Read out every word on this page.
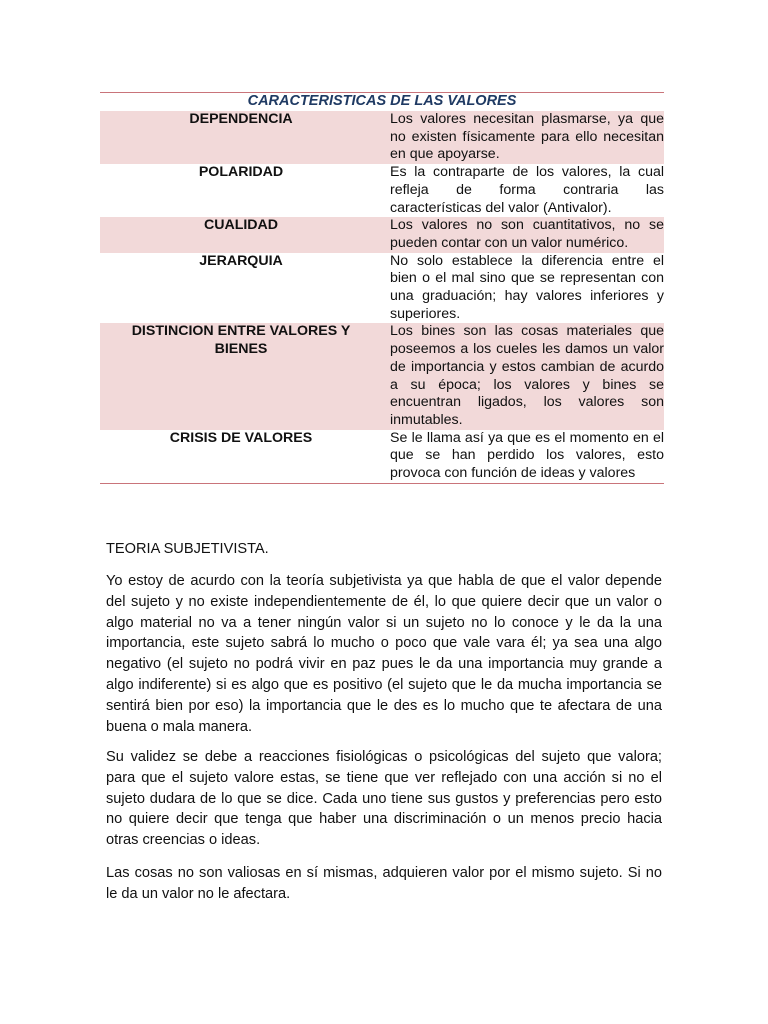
CARACTERISTICAS DE LAS VALORES	
DEPENDENCIA	Los valores necesitan plasmarse, ya que no existen físicamente para ello necesitan en que apoyarse.
POLARIDAD	Es la contraparte de los valores, la cual refleja de forma contraria las características del valor (Antivalor).
CUALIDAD	Los valores no son cuantitativos, no se pueden contar con un valor numérico.
JERARQUIA	No solo establece la diferencia entre el bien o el mal sino que se representan con una graduación; hay valores inferiores y superiores.
DISTINCION ENTRE VALORES Y BIENES	Los bines son las cosas materiales que poseemos a los cueles les damos un valor de importancia y estos cambian de acurdo a su época; los valores y bines se encuentran ligados, los valores son inmutables.
CRISIS DE VALORES	Se le llama así ya que es el momento en el que se han perdido los valores, esto provoca con función de ideas y valores

TEORIA SUBJETIVISTA.

Yo estoy de acurdo con la teoría subjetivista ya que habla de que el valor depende del sujeto y no existe independientemente de él, lo que quiere decir que un valor o algo material no va a tener ningún valor si un sujeto no lo conoce y le da la una importancia, este sujeto sabrá lo mucho o poco que vale vara él; ya sea una algo negativo (el sujeto no podrá vivir en paz pues le da una importancia muy grande a algo indiferente) si es algo que es positivo (el sujeto que le da mucha importancia se sentirá bien por eso) la importancia que le des es lo mucho que te afectara de una buena o mala manera.

Su validez se debe a reacciones fisiológicas o psicológicas del sujeto que valora; para que el sujeto valore estas, se tiene que ver reflejado con una acción si no el sujeto dudara de lo que se dice. Cada uno tiene sus gustos y preferencias pero esto no quiere decir que tenga que haber una discriminación o un menos precio hacia otras creencias o ideas.

Las cosas no son valiosas en sí mismas, adquieren valor por el mismo sujeto. Si no le da un valor no le afectara.
